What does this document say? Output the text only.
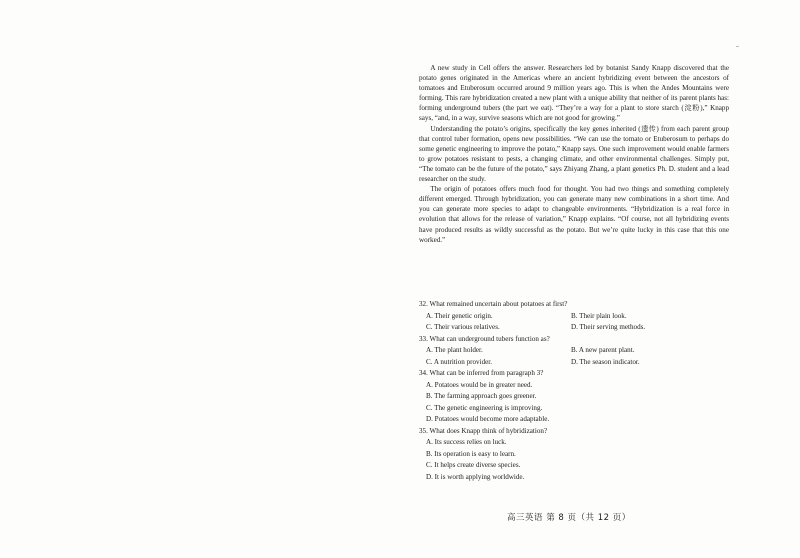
A new study in Cell offers the answer. Researchers led by botanist Sandy Knapp discovered that the potato genes originated in the Americas where an ancient hybridizing event between the ancestors of tomatoes and Etuberosum occurred around 9 million years ago. This is when the Andes Mountains were forming. This rare hybridization created a new plant with a unique ability that neither of its parent plants has: forming underground tubers (the part we eat). “They’re a way for a plant to store starch (淀粉),” Knapp says, “and, in a way, survive seasons which are not good for growing.”

Understanding the potato’s origins, specifically the key genes inherited (遗传) from each parent group that control tuber formation, opens new possibilities. “We can use the tomato or Etuberosum to perhaps do some genetic engineering to improve the potato,” Knapp says. One such improvement would enable farmers to grow potatoes resistant to pests, a changing climate, and other environmental challenges. Simply put, “The tomato can be the future of the potato,” says Zhiyang Zhang, a plant genetics Ph. D. student and a lead researcher on the study.

The origin of potatoes offers much food for thought. You had two things and something completely different emerged. Through hybridization, you can generate many new combinations in a short time. And you can generate more species to adapt to changeable environments. “Hybridization is a real force in evolution that allows for the release of variation,” Knapp explains. “Of course, not all hybridizing events have produced results as wildly successful as the potato. But we’re quite lucky in this case that this one worked.”

32. What remained uncertain about potatoes at first?
A. Their genetic origin.	B. Their plain look.
C. Their various relatives.	D. Their serving methods.
33. What can underground tubers function as?
A. The plant holder.	B. A new parent plant.
C. A nutrition provider.	D. The season indicator.
34. What can be inferred from paragraph 3?
A. Potatoes would be in greater need.
B. The farming approach goes greener.
C. The genetic engineering is improving.
D. Potatoes would become more adaptable.
35. What does Knapp think of hybridization?
A. Its success relies on luck.
B. Its operation is easy to learn.
C. It helps create diverse species.
D. It is worth applying worldwide.
高三英语 第 8 页（共 12 页）
